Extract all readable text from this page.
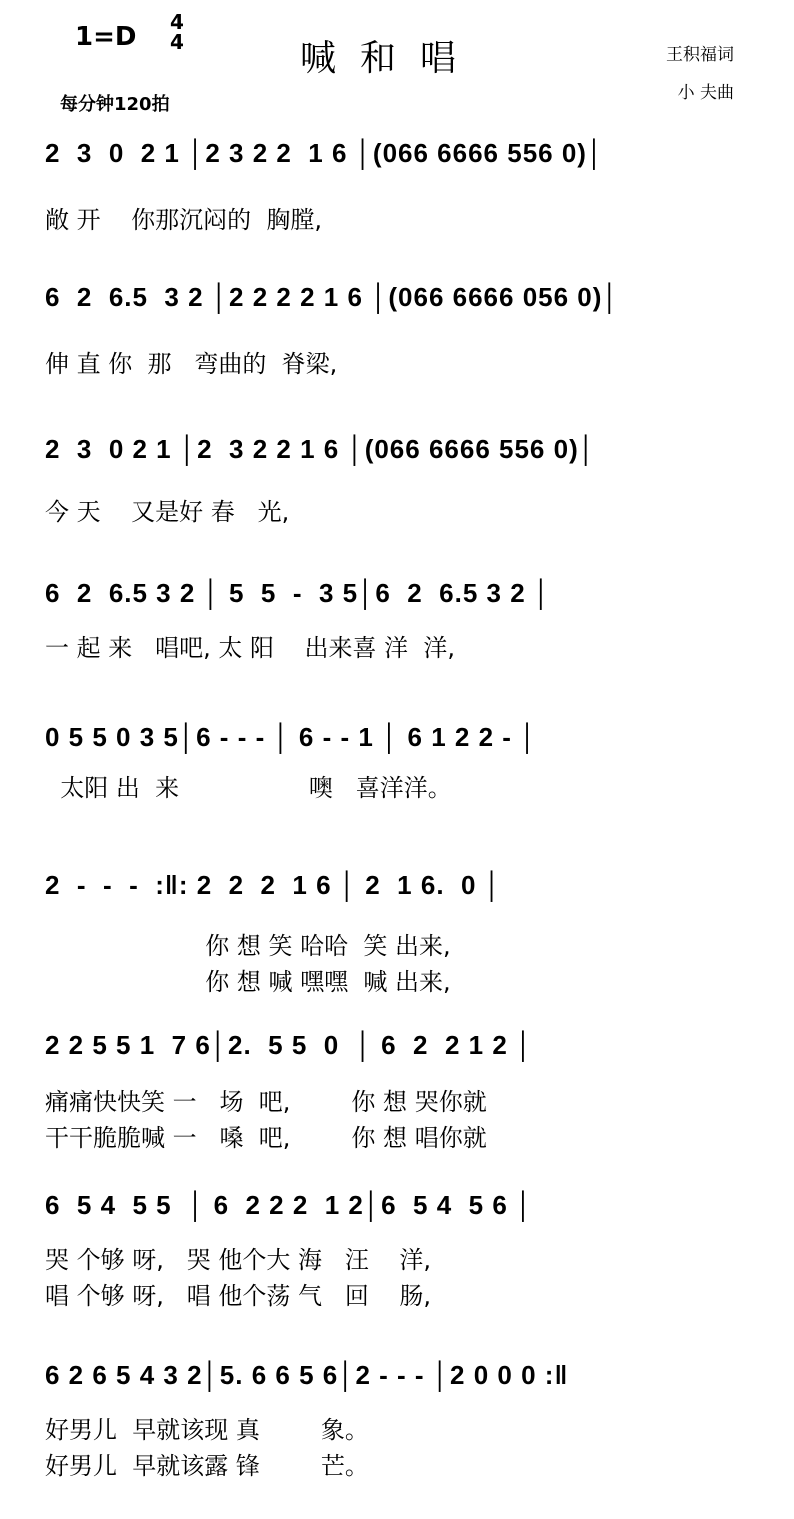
1=D 4
4	喊和唱	王积福词
小 夫曲
每分钟120拍
2  3  0  2 1 │2 3 2 2  1 6 │(066 6666 556 0)│
敞 开    你那沉闷的  胸膛,
6  2  6.5  3 2 │2 2 2 2 1 6 │(066 6666 056 0)│
伸 直 你  那   弯曲的  脊梁,
2  3  0 2 1 │2  3 2 2 1 6 │(066 6666 556 0)│
今 天    又是好 春   光,
6  2  6.5 3 2 │ 5  5  -  3 5│6  2  6.5 3 2 │
一 起 来   唱吧, 太 阳    出来喜 洋  洋,
0 5 5 0 3 5│6 - - - │ 6 - - 1 │ 6 1 2 2 - │
太阳 出  来                 噢   喜洋洋。
2  -  -  -  :‖: 2  2  2  1 6 │ 2  1 6.  0 │
你 想 笑 哈哈  笑 出来,
你 想 喊 嘿嘿  喊 出来,
2 2 5 5 1  7 6│2.  5 5  0  │ 6  2  2 1 2 │
痛痛快快笑 一   场  吧,        你 想 哭你就
干干脆脆喊 一   嗓  吧,        你 想 唱你就
6  5 4  5 5  │ 6  2 2 2  1 2│6  5 4  5 6 │
哭 个够 呀,   哭 他个大 海   汪    洋,
唱 个够 呀,   唱 他个荡 气   回    肠,
6 2 6 5 4 3 2│5. 6 6 5 6│2 - - - │2 0 0 0 :‖
好男儿  早就该现 真        象。
好男儿  早就该露 锋        芒。
